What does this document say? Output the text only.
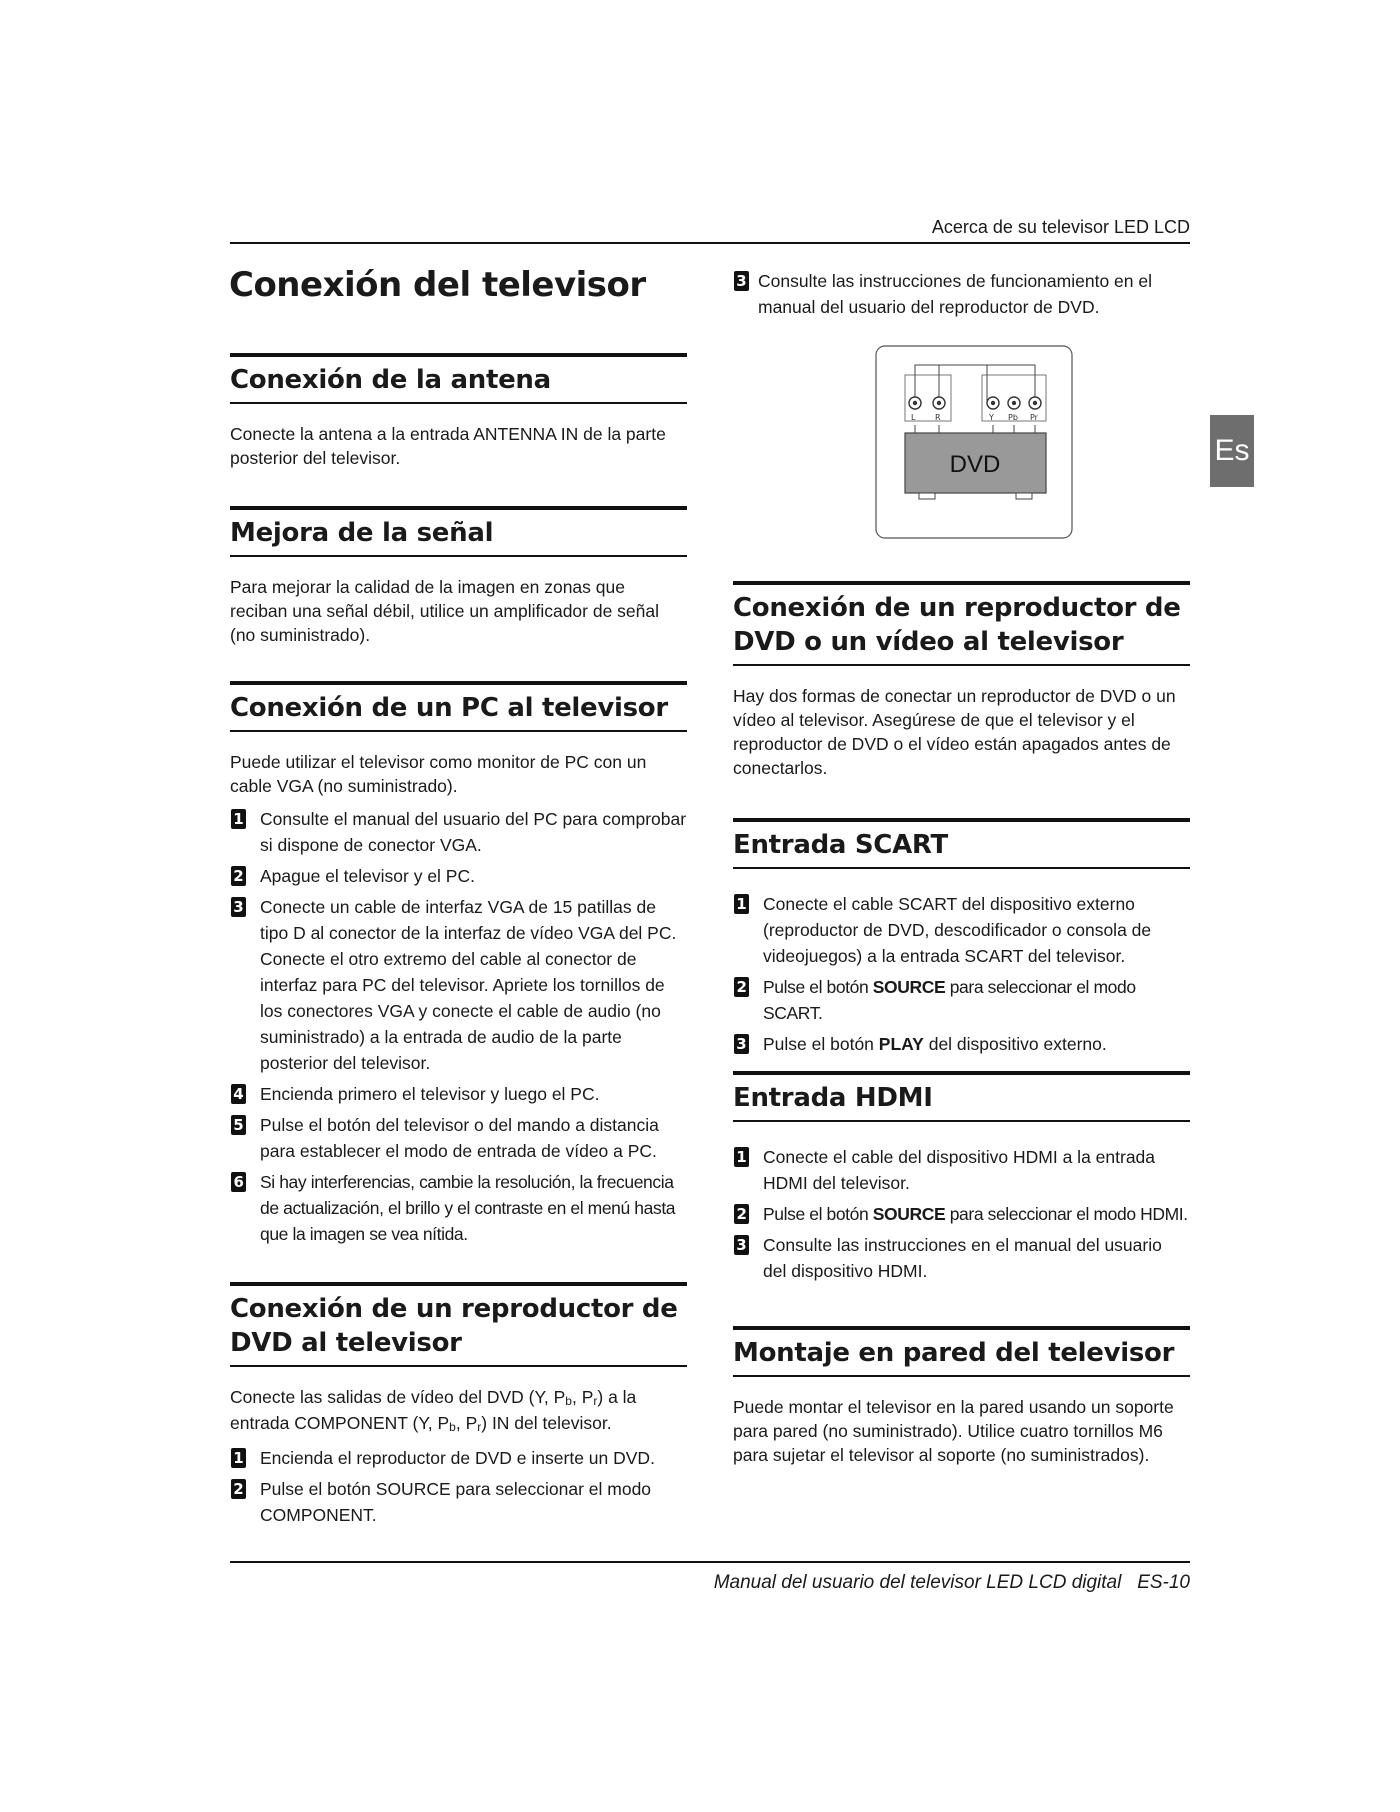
Acerca de su televisor LED LCD
Conexión del televisor
Es
Conexión de la antena
Conecte la antena a la entrada ANTENNA IN de la parte posterior del televisor.
Mejora de la señal
Para mejorar la calidad de la imagen en zonas que reciban una señal débil, utilice un amplificador de señal (no suministrado).
Conexión de un PC al televisor
Puede utilizar el televisor como monitor de PC con un cable VGA (no suministrado).
1 Consulte el manual del usuario del PC para comprobar si dispone de conector VGA.
2 Apague el televisor y el PC.
3 Conecte un cable de interfaz VGA de 15 patillas de tipo D al conector de la interfaz de vídeo VGA del PC. Conecte el otro extremo del cable al conector de interfaz para PC del televisor. Apriete los tornillos de los conectores VGA y conecte el cable de audio (no suministrado) a la entrada de audio de la parte posterior del televisor.
4 Encienda primero el televisor y luego el PC.
5 Pulse el botón del televisor o del mando a distancia para establecer el modo de entrada de vídeo a PC.
6 Si hay interferencias, cambie la resolución, la frecuencia de actualización, el brillo y el contraste en el menú hasta que la imagen se vea nítida.
Conexión de un reproductor de DVD al televisor
Conecte las salidas de vídeo del DVD (Y, $P_b$, $P_r$) a la entrada COMPONENT (Y, $P_b$, $P_r$) IN del televisor.
1 Encienda el reproductor de DVD e inserte un DVD.
2 Pulse el botón SOURCE para seleccionar el modo COMPONENT.
3 Consulte las instrucciones de funcionamiento en el manual del usuario del reproductor de DVD.
L R	Y Pb Pr
DVD
Conexión de un reproductor de DVD o un vídeo al televisor
Hay dos formas de conectar un reproductor de DVD o un vídeo al televisor. Asegúrese de que el televisor y el reproductor de DVD o el vídeo están apagados antes de conectarlos.
Entrada SCART
1 Conecte el cable SCART del dispositivo externo (reproductor de DVD, descodificador o consola de videojuegos) a la entrada SCART del televisor.
2 Pulse el botón SOURCE para seleccionar el modo SCART.
3 Pulse el botón PLAY del dispositivo externo.
Entrada HDMI
1 Conecte el cable del dispositivo HDMI a la entrada HDMI del televisor.
2 Pulse el botón SOURCE para seleccionar el modo HDMI.
3 Consulte las instrucciones en el manual del usuario del dispositivo HDMI.
Montaje en pared del televisor
Puede montar el televisor en la pared usando un soporte para pared (no suministrado). Utilice cuatro tornillos M6 para sujetar el televisor al soporte (no suministrados).
Manual del usuario del televisor LED LCD digital ES-10
